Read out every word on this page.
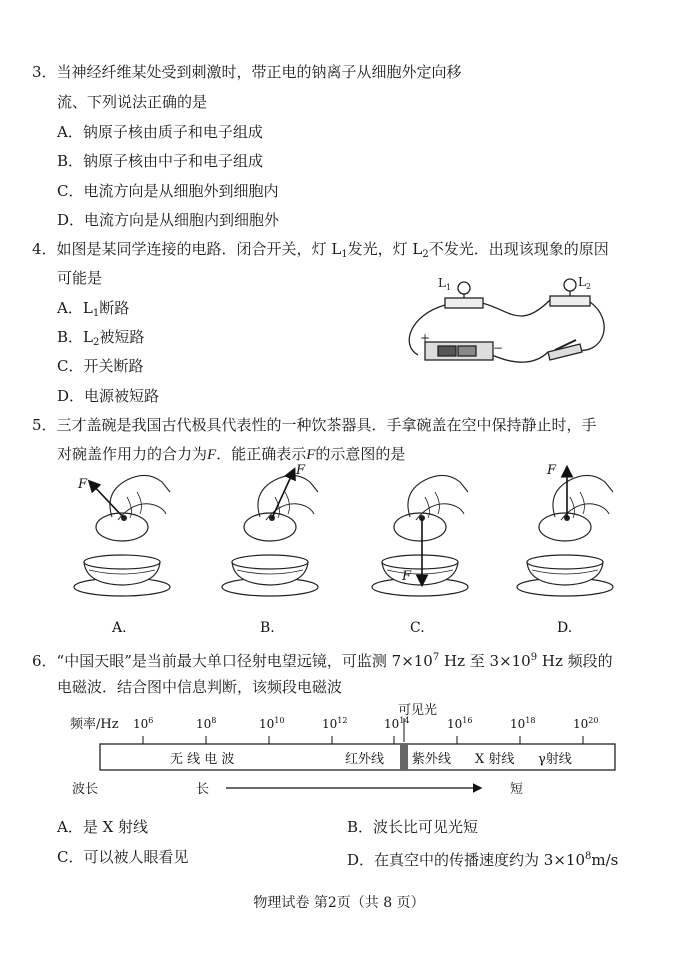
3．当神经纤维某处受到刺激时，带正电的钠离子从细胞外定向移
流、下列说法正确的是
A．钠原子核由质子和电子组成
B．钠原子核由中子和电子组成
C．电流方向是从细胞外到细胞内
D．电流方向是从细胞内到细胞外
4．如图是某同学连接的电路．闭合开关，灯 $L_1$发光，灯 $L_2$不发光．出现该现象的原因
可能是
A．$L_1$断路
B．$L_2$被短路
C．开关断路
D．电源被短路
$L_1$	$L_2$
+
−
5．三才盖碗是我国古代极具代表性的一种饮茶器具．手拿碗盖在空中保持静止时，手
对碗盖作用力的合力为F．能正确表示F的示意图的是
F
F
F
F
A.	B.	C.	D.
6．“中国天眼”是当前最大单口径射电望远镜，可监测 $7\times 10^7$ Hz 至 $3\times 10^9$ Hz 频段的
电磁波．结合图中信息判断，该频段电磁波
可见光
频率/Hz $10^6$	$10^8$	$10^{10}$	$10^{12}$	$10^{14}$	$10^{16}$	$10^{18}$	$10^{20}$
无 线 电 波	红外线 紫外线 X 射线 γ射线
波长	长	短
A．是 X 射线	B．波长比可见光短
C．可以被人眼看见	D．在真空中的传播速度约为 $3\times 10^8m/s$
物理试卷 第2页（共 8 页）
